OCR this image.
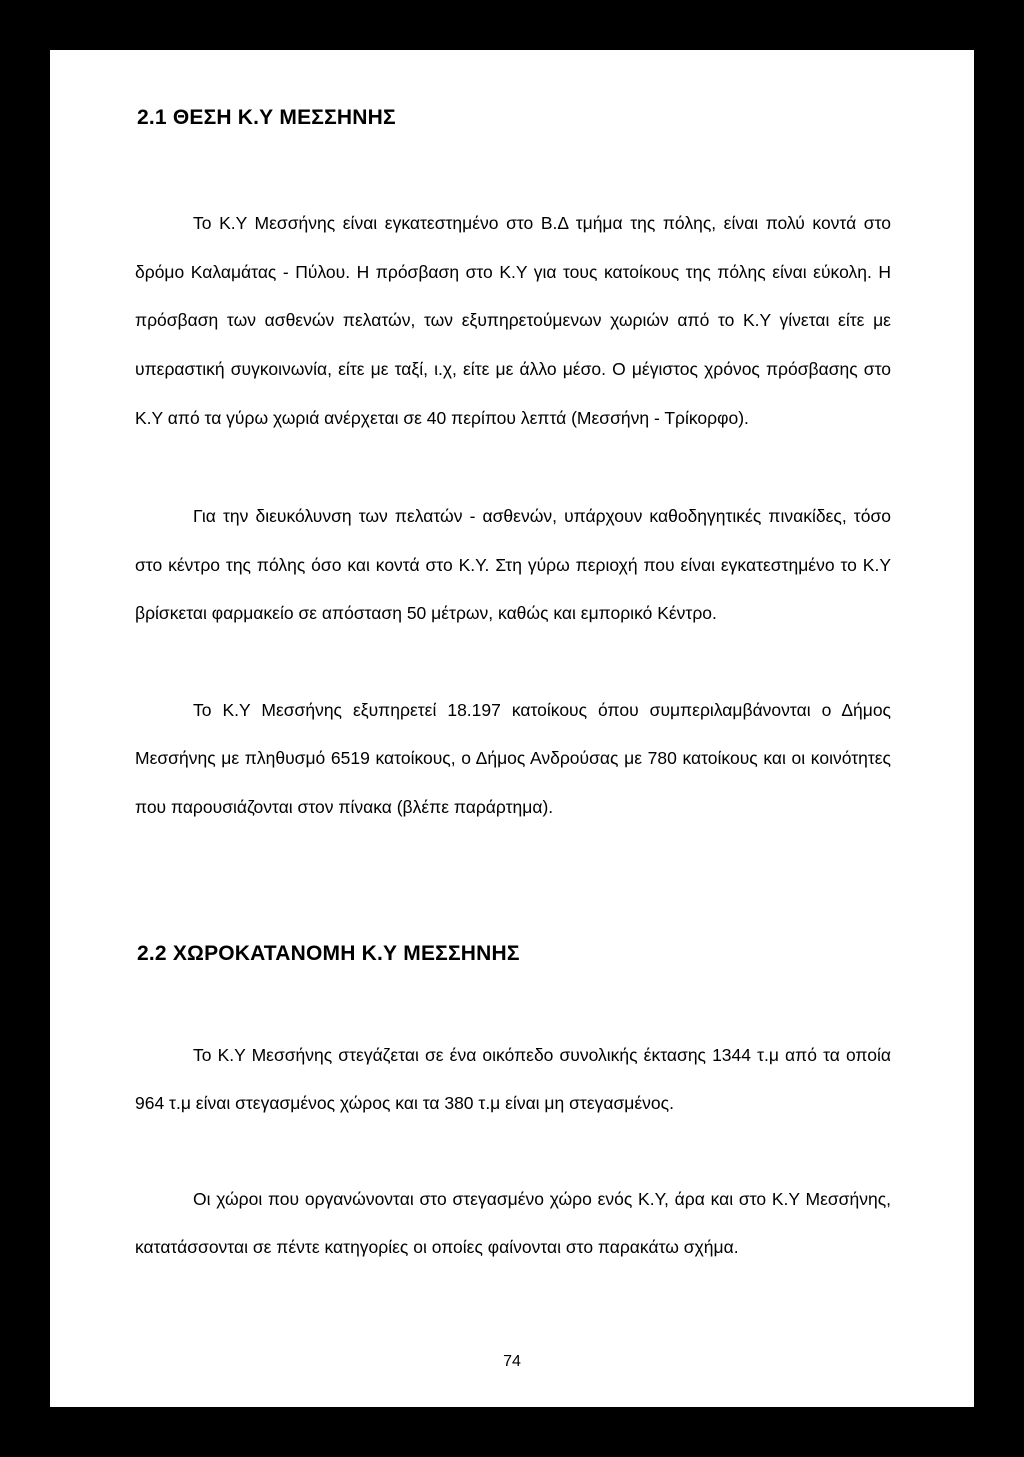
2.1 ΘΕΣΗ Κ.Υ ΜΕΣΣΗΝΗΣ

Το Κ.Υ Μεσσήνης είναι εγκατεστημένο στο Β.Δ τμήμα της πόλης, είναι πολύ κοντά στο δρόμο Καλαμάτας - Πύλου. Η πρόσβαση στο Κ.Υ για τους κατοίκους της πόλης είναι εύκολη. Η πρόσβαση των ασθενών πελατών, των εξυπηρετούμενων χωριών από το Κ.Υ γίνεται είτε με υπεραστική συγκοινωνία, είτε με ταξί, ι.χ, είτε με άλλο μέσο. Ο μέγιστος χρόνος πρόσβασης στο Κ.Υ από τα γύρω χωριά ανέρχεται σε 40 περίπου λεπτά (Μεσσήνη - Τρίκορφο).

Για την διευκόλυνση των πελατών - ασθενών, υπάρχουν καθοδηγητικές πινακίδες, τόσο στο κέντρο της πόλης όσο και κοντά στο Κ.Υ. Στη γύρω περιοχή που είναι εγκατεστημένο το Κ.Υ βρίσκεται φαρμακείο σε απόσταση 50 μέτρων, καθώς και εμπορικό Κέντρο.

Το Κ.Υ Μεσσήνης εξυπηρετεί 18.197 κατοίκους όπου συμπεριλαμβάνονται ο Δήμος Μεσσήνης με πληθυσμό 6519 κατοίκους, ο Δήμος Ανδρούσας με 780 κατοίκους και οι κοινότητες που παρουσιάζονται στον πίνακα (βλέπε παράρτημα).

2.2 ΧΩΡΟΚΑΤΑΝΟΜΗ Κ.Υ ΜΕΣΣΗΝΗΣ

Το Κ.Υ Μεσσήνης στεγάζεται σε ένα οικόπεδο συνολικής έκτασης 1344 τ.μ από τα οποία 964 τ.μ είναι στεγασμένος χώρος και τα 380 τ.μ είναι μη στεγασμένος.

Οι χώροι που οργανώνονται στο στεγασμένο χώρο ενός Κ.Υ, άρα και στο Κ.Υ Μεσσήνης, κατατάσσονται σε πέντε κατηγορίες οι οποίες φαίνονται στο παρακάτω σχήμα.

74
